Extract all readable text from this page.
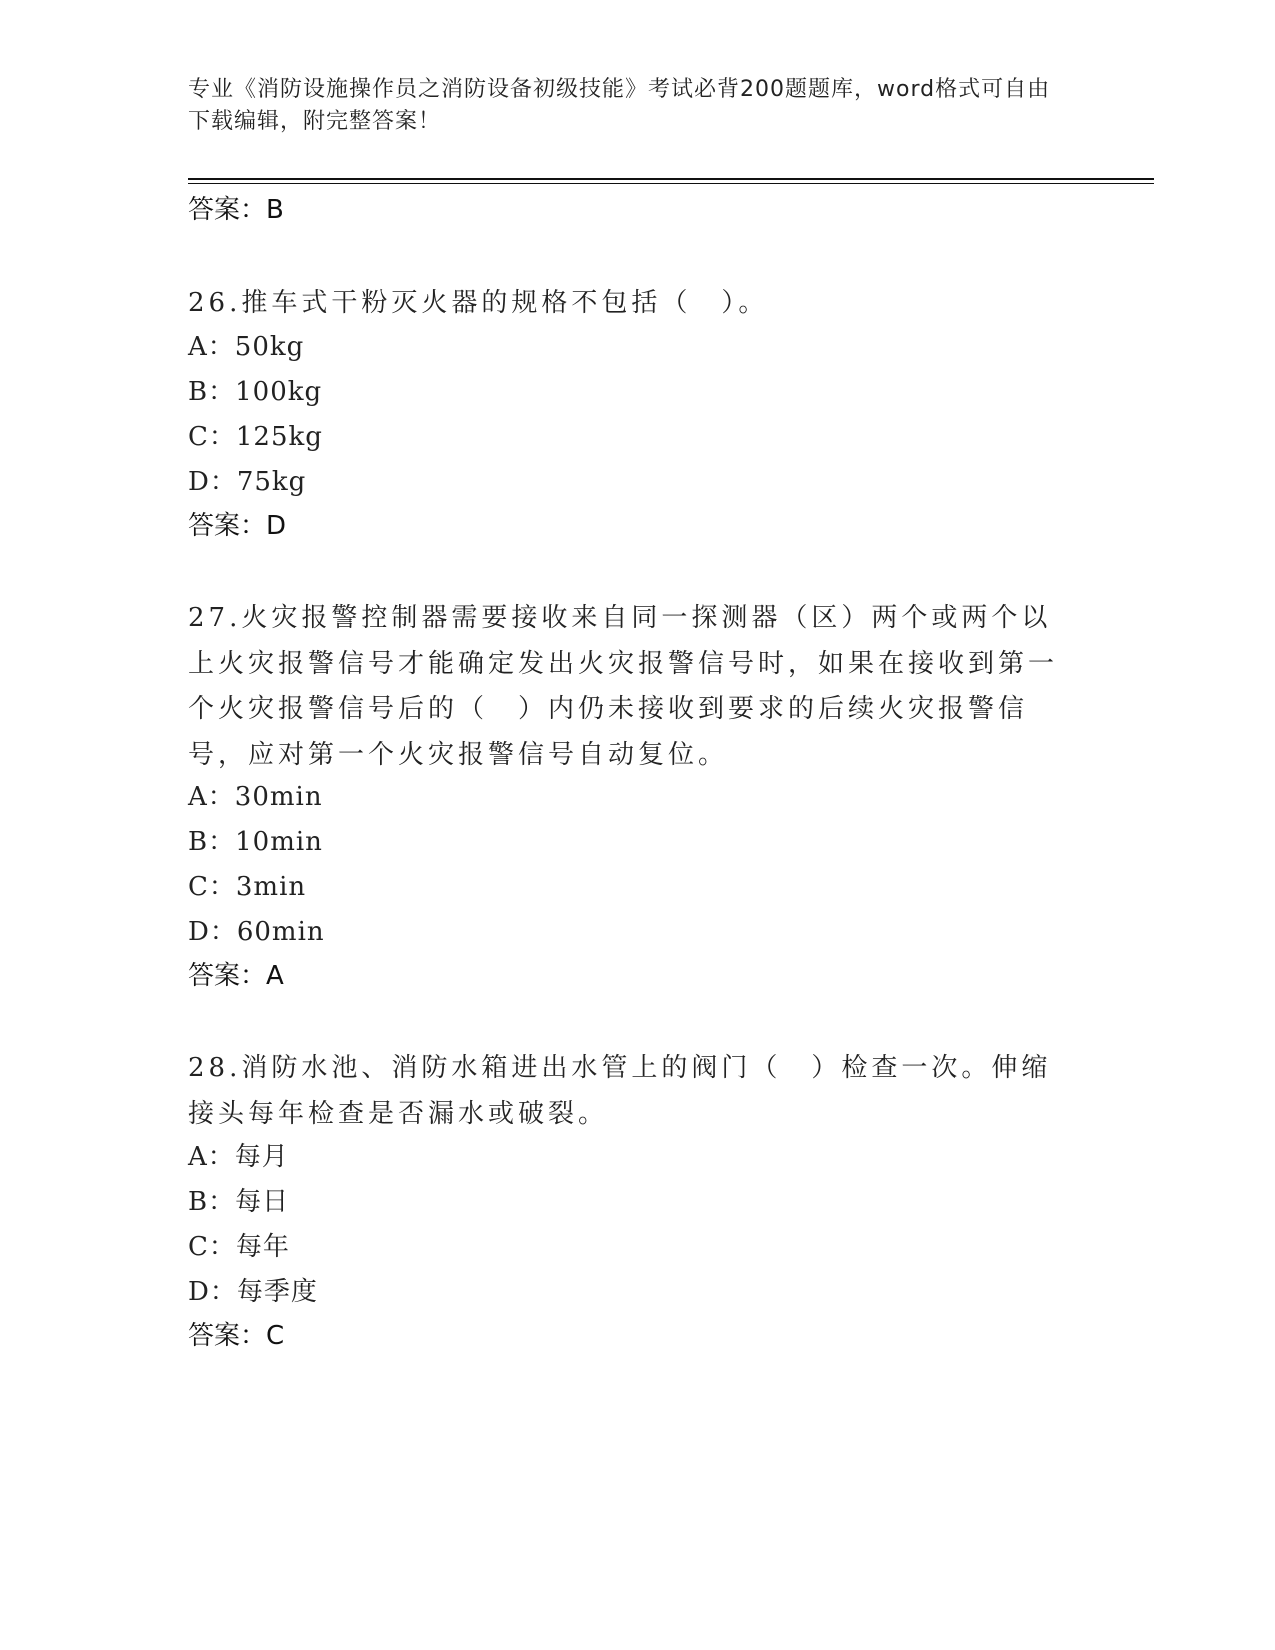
专业《消防设施操作员之消防设备初级技能》考试必背200题题库，word格式可自由下载编辑，附完整答案！
答案：B
26.推车式干粉灭火器的规格不包括（　）。
A：50kg
B：100kg
C：125kg
D：75kg
答案：D
27.火灾报警控制器需要接收来自同一探测器（区）两个或两个以上火灾报警信号才能确定发出火灾报警信号时，如果在接收到第一个火灾报警信号后的（　）内仍未接收到要求的后续火灾报警信号，应对第一个火灾报警信号自动复位。
A：30min
B：10min
C：3min
D：60min
答案：A
28.消防水池、消防水箱进出水管上的阀门（　）检查一次。伸缩接头每年检查是否漏水或破裂。
A：每月
B：每日
C：每年
D：每季度
答案：C
